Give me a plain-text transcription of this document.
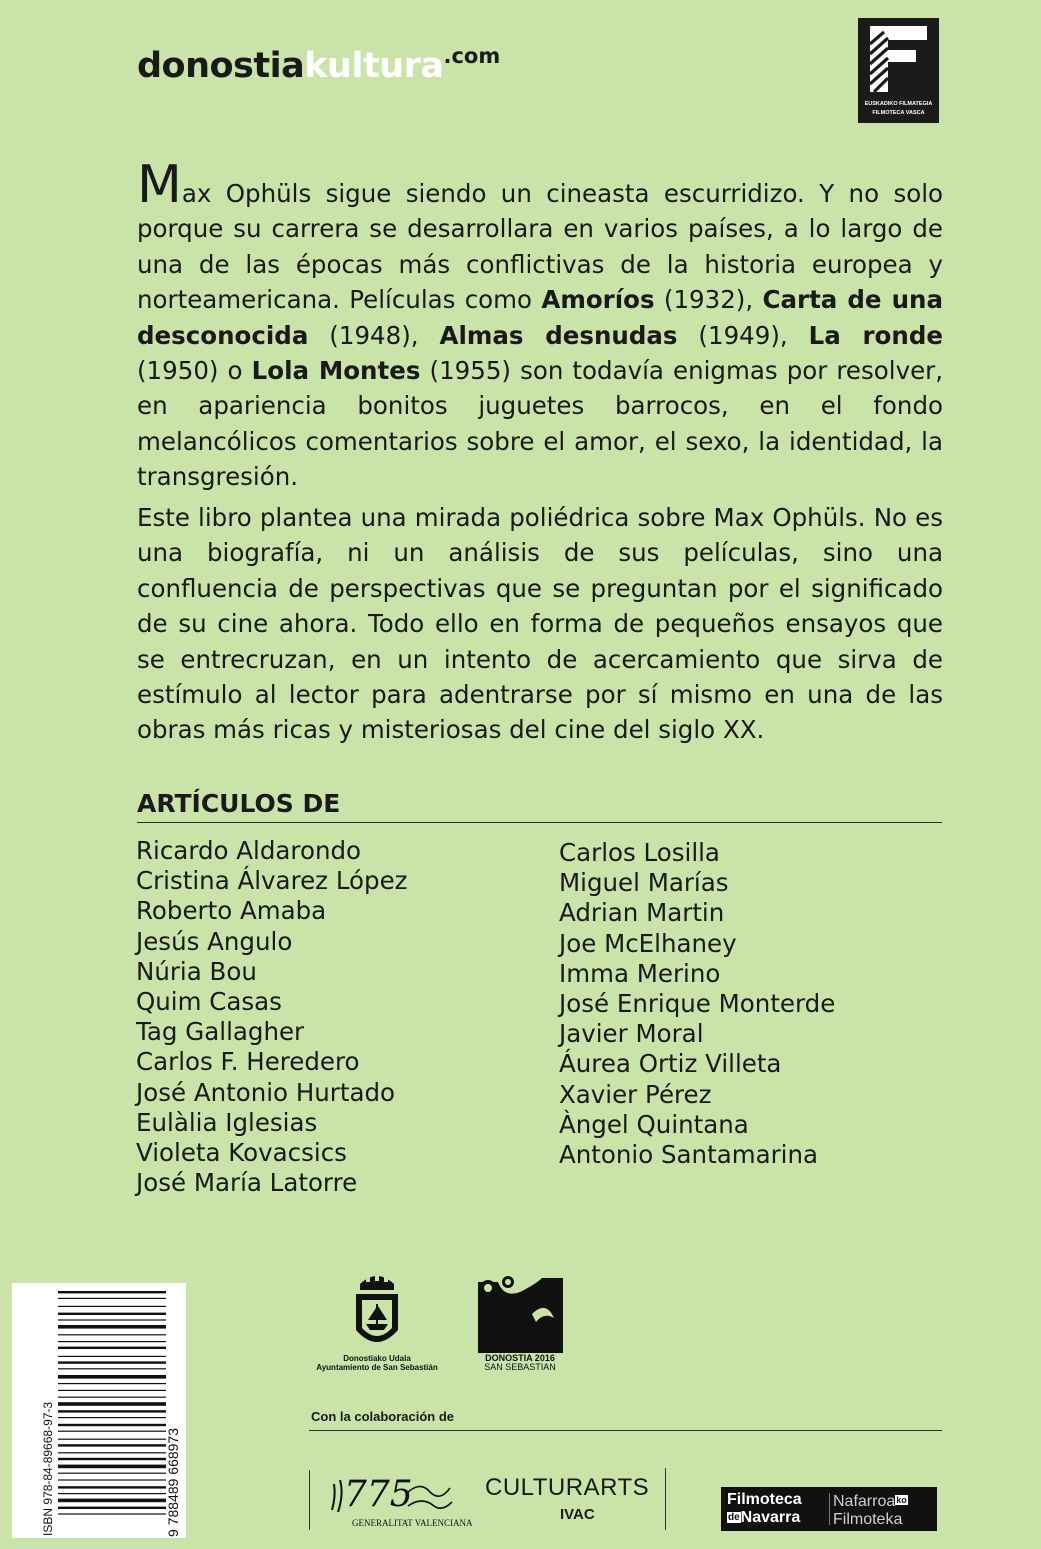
donostiakultura$^{.com}$
EUSKADIKO FILMATEGIA
FILMOTECA VASCA

Max Ophüls sigue siendo un cineasta escurridizo. Y no solo porque su carrera se desarrollara en varios países, a lo largo de una de las épocas más conflictivas de la historia europea y norteamericana. Películas como Amoríos (1932), Carta de una desconocida (1948), Almas desnudas (1949), La ronde (1950) o Lola Montes (1955) son todavía enigmas por resolver, en apariencia bonitos juguetes barrocos, en el fondo melancólicos comentarios sobre el amor, el sexo, la identidad, la transgresión.

Este libro plantea una mirada poliédrica sobre Max Ophüls. No es una biografía, ni un análisis de sus películas, sino una confluencia de perspectivas que se preguntan por el significado de su cine ahora. Todo ello en forma de pequeños ensayos que se entrecruzan, en un intento de acercamiento que sirva de estímulo al lector para adentrarse por sí mismo en una de las obras más ricas y misteriosas del cine del siglo XX.

ARTÍCULOS DE
Ricardo Aldarondo
Cristina Álvarez López
Roberto Amaba
Jesús Angulo
Núria Bou
Quim Casas
Tag Gallagher
Carlos F. Heredero
José Antonio Hurtado
Eulàlia Iglesias
Violeta Kovacsics
José María Latorre
Carlos Losilla
Miguel Marías
Adrian Martin
Joe McElhaney
Imma Merino
José Enrique Monterde
Javier Moral
Áurea Ortiz Villeta
Xavier Pérez
Àngel Quintana
Antonio Santamarina
ISBN 978-84-89668-97-3	9 788489 668973
Donostiako Udala
Ayuntamiento de San Sebastián
DONOSTIA 2016
SAN SEBASTIAN
Con la colaboración de
775
GENERALITAT VALENCIANA
CULTURARTS
IVAC
Filmoteca
deNavarra
Nafarroako
Filmoteka
